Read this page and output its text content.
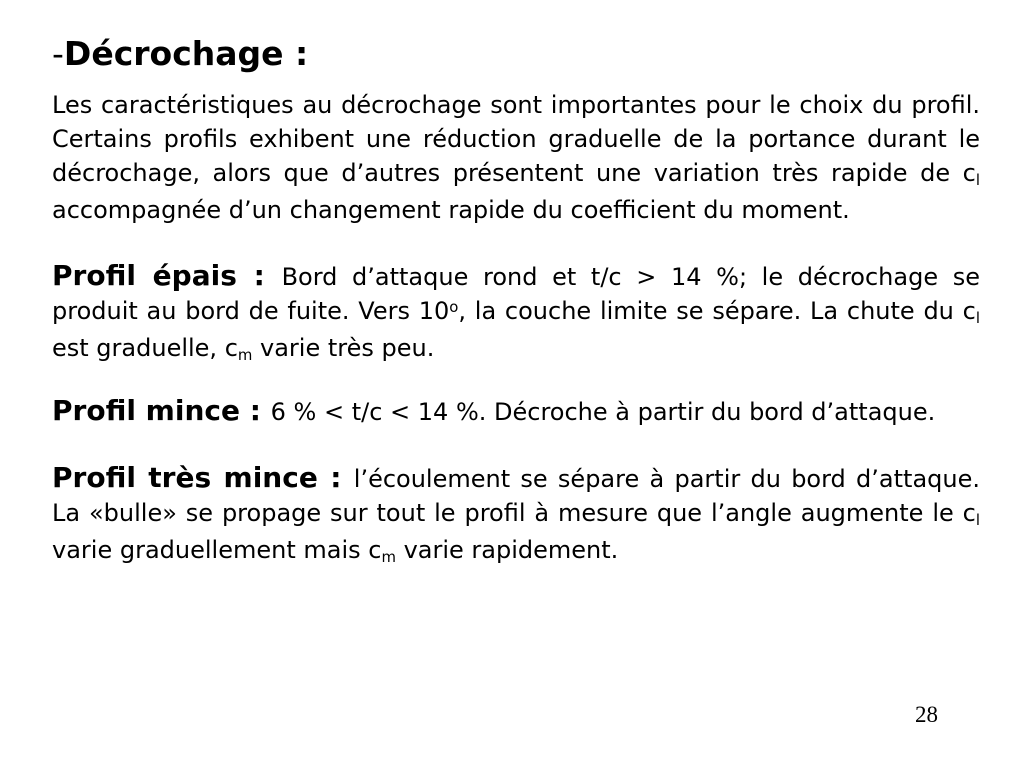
-Décrochage :

Les caractéristiques au décrochage sont importantes pour le choix du profil. Certains profils exhibent une réduction graduelle de la portance durant le décrochage, alors que d’autres présentent une variation très rapide de cl accompagnée d’un changement rapide du coefficient du moment.

Profil épais : Bord d’attaque rond et t/c > 14 %; le décrochage se produit au bord de fuite. Vers 10$^o$, la couche limite se sépare. La chute du cl est graduelle, cm varie très peu.

Profil mince : 6 % < t/c < 14 %. Décroche à partir du bord d’attaque.

Profil très mince : l’écoulement se sépare à partir du bord d’attaque. La «bulle» se propage sur tout le profil à mesure que l’angle augmente le cl varie graduellement mais cm varie rapidement.

28
